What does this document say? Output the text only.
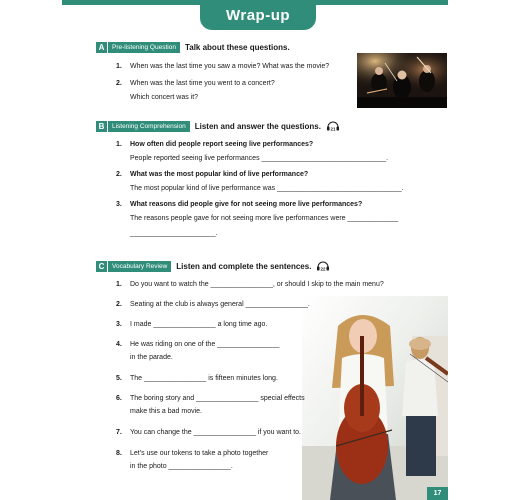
Wrap-up
A	Pre-listening Question	Talk about these questions.
1. When was the last time you saw a movie? What was the movie?
2. When was the last time you went to a concert?
Which concert was it?
B	Listening Comprehension	Listen and answer the questions. 21
1. How often did people report seeing live performances?
People reported seeing live performances ________________________________.
2. What was the most popular kind of live performance?
The most popular kind of live performance was ________________________________.
3. What reasons did people give for not seeing more live performances?
The reasons people gave for not seeing more live performances were _____________
______________________.
C	Vocabulary Review	Listen and complete the sentences. 22
1. Do you want to watch the ________________, or should I skip to the main menu?
2. Seating at the club is always general ________________.
3. I made ________________ a long time ago.
4. He was riding on one of the ________________
in the parade.
5. The ________________ is fifteen minutes long.
6. The boring story and ________________ special effects
make this a bad movie.
7. You can change the ________________ if you want to.
8. Let's use our tokens to take a photo together
in the photo ________________.
17
